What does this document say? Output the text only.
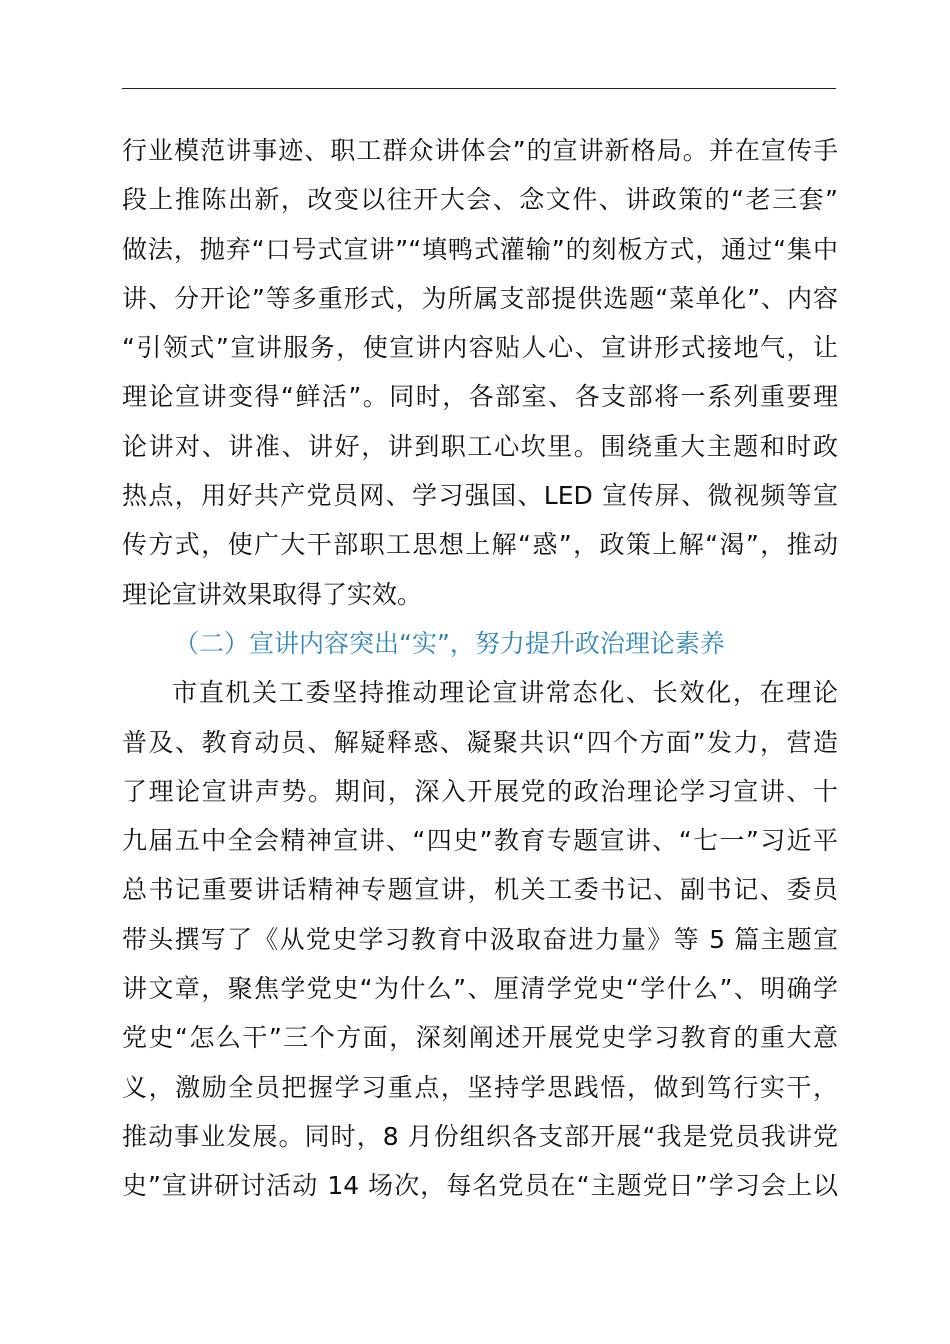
行业模范讲事迹、职工群众讲体会”的宣讲新格局。并在宣传手
段上推陈出新，改变以往开大会、念文件、讲政策的“老三套”
做法，抛弃“口号式宣讲”“填鸭式灌输”的刻板方式，通过“集中
讲、分开论”等多重形式，为所属支部提供选题“菜单化”、内容
“引领式”宣讲服务，使宣讲内容贴人心、宣讲形式接地气，让
理论宣讲变得“鲜活”。同时，各部室、各支部将一系列重要理
论讲对、讲准、讲好，讲到职工心坎里。围绕重大主题和时政
热点，用好共产党员网、学习强国、LED 宣传屏、微视频等宣
传方式，使广大干部职工思想上解“惑”，政策上解“渴”，推动
理论宣讲效果取得了实效。
（二）宣讲内容突出“实”，努力提升政治理论素养
市直机关工委坚持推动理论宣讲常态化、长效化，在理论
普及、教育动员、解疑释惑、凝聚共识“四个方面”发力，营造
了理论宣讲声势。期间，深入开展党的政治理论学习宣讲、十
九届五中全会精神宣讲、“四史”教育专题宣讲、“七一”习近平
总书记重要讲话精神专题宣讲，机关工委书记、副书记、委员
带头撰写了《从党史学习教育中汲取奋进力量》等 5 篇主题宣
讲文章，聚焦学党史“为什么”、厘清学党史“学什么”、明确学
党史“怎么干”三个方面，深刻阐述开展党史学习教育的重大意
义，激励全员把握学习重点，坚持学思践悟，做到笃行实干，
推动事业发展。同时，8 月份组织各支部开展“我是党员我讲党
史”宣讲研讨活动 14 场次，每名党员在“主题党日”学习会上以
